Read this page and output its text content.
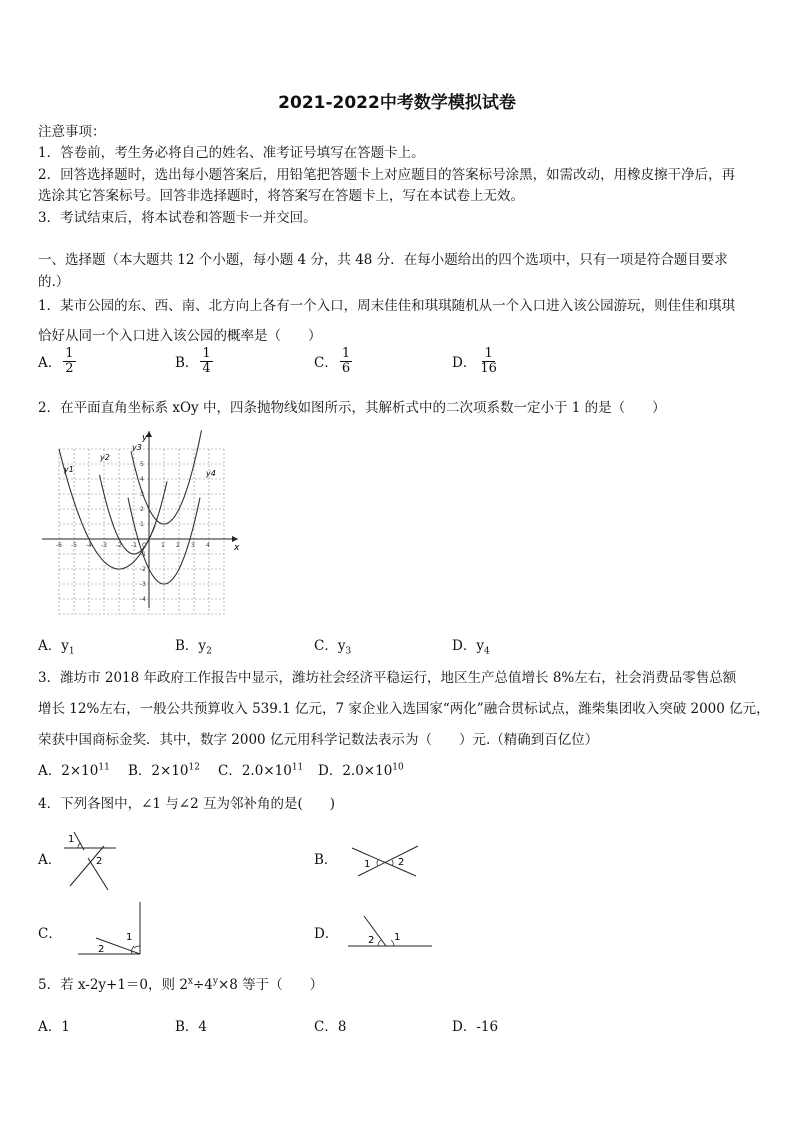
2021-2022中考数学模拟试卷
注意事项：
1．答卷前，考生务必将自己的姓名、准考证号填写在答题卡上。
2．回答选择题时，选出每小题答案后，用铅笔把答题卡上对应题目的答案标号涂黑，如需改动，用橡皮擦干净后，再
选涂其它答案标号。回答非选择题时，将答案写在答题卡上，写在本试卷上无效。
3．考试结束后，将本试卷和答题卡一并交回。
一、选择题（本大题共 12 个小题，每小题 4 分，共 48 分．在每小题给出的四个选项中，只有一项是符合题目要求
的.）
1．某市公园的东、西、南、北方向上各有一个入口，周末佳佳和琪琪随机从一个入口进入该公园游玩，则佳佳和琪琪
恰好从同一个入口进入该公园的概率是（　　）
A． $\frac{1}{2}$	B． $\frac{1}{4}$	C． $\frac{1}{6}$	D． $\frac{1}{16}$
2．在平面直角坐标系 xOy 中，四条抛物线如图所示，其解析式中的二次项系数一定小于 1 的是（　　）
y
x
-6 -5 -4 -3 -2 -1 O 1 2 3 4
5
4
3
2
1
-1
-2
-3
-4
y1
y2
y3
y4
A．$y_1$	B．$y_2$	C．$y_3$	D．$y_4$
3．潍坊市 2018 年政府工作报告中显示，潍坊社会经济平稳运行，地区生产总值增长 8%左右，社会消费品零售总额
增长 12%左右，一般公共预算收入 539.1 亿元，7 家企业入选国家“两化”融合贯标试点，潍柴集团收入突破 2000 亿元，
荣获中国商标金奖．其中，数字 2000 亿元用科学记数法表示为（　　）元.（精确到百亿位）
A．$2\times 10^{11}$ B．$2\times 10^{12}$ C．$2.0\times 10^{11}$ D．$2.0\times 10^{10}$
4．下列各图中，∠1 与∠2 互为邻补角的是(　　)
A．
1
2	B．	1	2
C．
2
1	D．	2 1
5．若 x-2y+1＝0，则 $2^x\div 4^y\times 8$ 等于（　　）
A．1	B．4	C．8	D．-16
